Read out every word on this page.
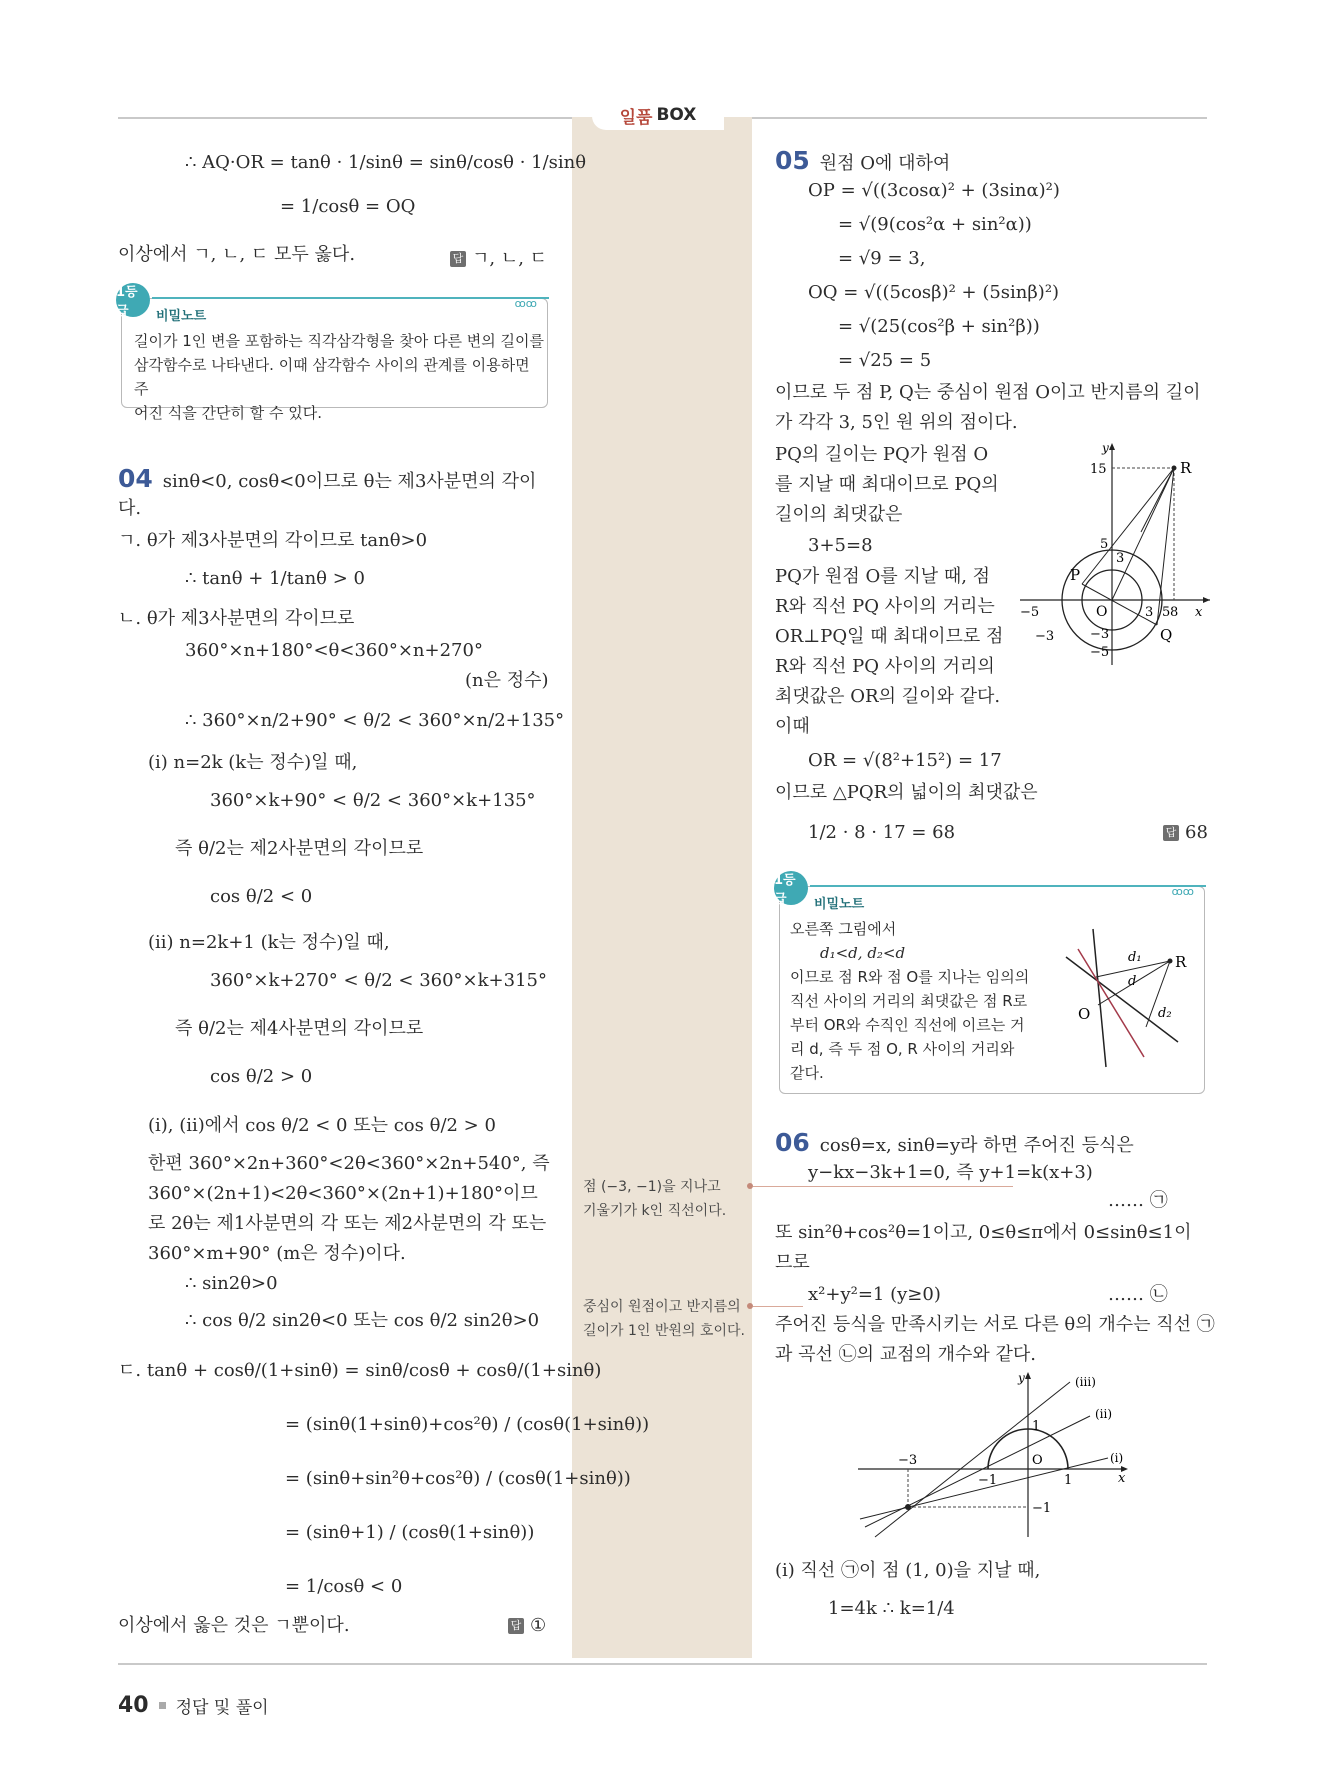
일품 BOX
∴ AQ·OR = tanθ · 1/sinθ = sinθ/cosθ · 1/sinθ
= 1/cosθ = OQ
이상에서 ㄱ, ㄴ, ㄷ 모두 옳다.	답 ㄱ, ㄴ, ㄷ
1등급	비밀노트
ꝏꝏ
길이가 1인 변을 포함하는 직각삼각형을 찾아 다른 변의 길이를
삼각함수로 나타낸다. 이때 삼각함수 사이의 관계를 이용하면 주
어진 식을 간단히 할 수 있다.
04 sinθ<0, cosθ<0이므로 θ는 제3사분면의 각이
다.
ㄱ. θ가 제3사분면의 각이므로 tanθ>0
∴ tanθ + 1/tanθ > 0
ㄴ. θ가 제3사분면의 각이므로
360°×n+180°<θ<360°×n+270°
(n은 정수)
∴ 360°×n/2+90° < θ/2 < 360°×n/2+135°
(i) n=2k (k는 정수)일 때,
360°×k+90° < θ/2 < 360°×k+135°
즉 θ/2는 제2사분면의 각이므로
cos θ/2 < 0
(ii) n=2k+1 (k는 정수)일 때,
360°×k+270° < θ/2 < 360°×k+315°
즉 θ/2는 제4사분면의 각이므로
cos θ/2 > 0
(i), (ii)에서 cos θ/2 < 0 또는 cos θ/2 > 0
한편 360°×2n+360°<2θ<360°×2n+540°, 즉
360°×(2n+1)<2θ<360°×(2n+1)+180°이므
로 2θ는 제1사분면의 각 또는 제2사분면의 각 또는
360°×m+90° (m은 정수)이다.
∴ sin2θ>0
∴ cos θ/2 sin2θ<0 또는 cos θ/2 sin2θ>0
ㄷ. tanθ + cosθ/(1+sinθ) = sinθ/cosθ + cosθ/(1+sinθ)
= (sinθ(1+sinθ)+cos²θ) / (cosθ(1+sinθ))
= (sinθ+sin²θ+cos²θ) / (cosθ(1+sinθ))
= (sinθ+1) / (cosθ(1+sinθ))
= 1/cosθ < 0
이상에서 옳은 것은 ㄱ뿐이다.	답 ①
점 (−3, −1)을 지나고
기울기가 k인 직선이다.
중심이 원점이고 반지름의
길이가 1인 반원의 호이다.
05 원점 O에 대하여
OP = √((3cosα)² + (3sinα)²)
= √(9(cos²α + sin²α))
= √9 = 3,
OQ = √((5cosβ)² + (5sinβ)²)
= √(25(cos²β + sin²β))
= √25 = 5
이므로 두 점 P, Q는 중심이 원점 O이고 반지름의 길이
가 각각 3, 5인 원 위의 점이다.
PQ의 길이는 PQ가 원점 O
를 지날 때 최대이므로 PQ의
길이의 최댓값은
3+5=8
PQ가 원점 O를 지날 때, 점
R와 직선 PQ 사이의 거리는
OR⊥PQ일 때 최대이므로 점
R와 직선 PQ 사이의 거리의
최댓값은 OR의 길이와 같다.
이때
OR = √(8²+15²) = 17
이므로 △PQR의 넓이의 최댓값은
1/2 · 8 · 17 = 68	답 68
R
P
Q
O
15
5
3
−5	3 5 8 x
y
−3
−3
−5
1등급	비밀노트
ꝏꝏ
오른쪽 그림에서
d₁<d, d₂<d
이므로 점 R와 점 O를 지나는 임의의
직선 사이의 거리의 최댓값은 점 R로
부터 OR와 수직인 직선에 이르는 거
리 d, 즉 두 점 O, R 사이의 거리와
같다.
R
O
d₁
d
d₂
06 cosθ=x, sinθ=y라 하면 주어진 등식은
y−kx−3k+1=0, 즉 y+1=k(x+3)
…… ㉠
또 sin²θ+cos²θ=1이고, 0≤θ≤π에서 0≤sinθ≤1이
므로
x²+y²=1 (y≥0)	…… ㉡
주어진 등식을 만족시키는 서로 다른 θ의 개수는 직선 ㉠
과 곡선 ㉡의 교점의 개수와 같다.
−3
−1
O
1
1
−1
x
y	(iii)
(ii)
(i)
(i) 직선 ㉠이 점 (1, 0)을 지날 때,
1=4k ∴ k=1/4
40 정답 및 풀이
